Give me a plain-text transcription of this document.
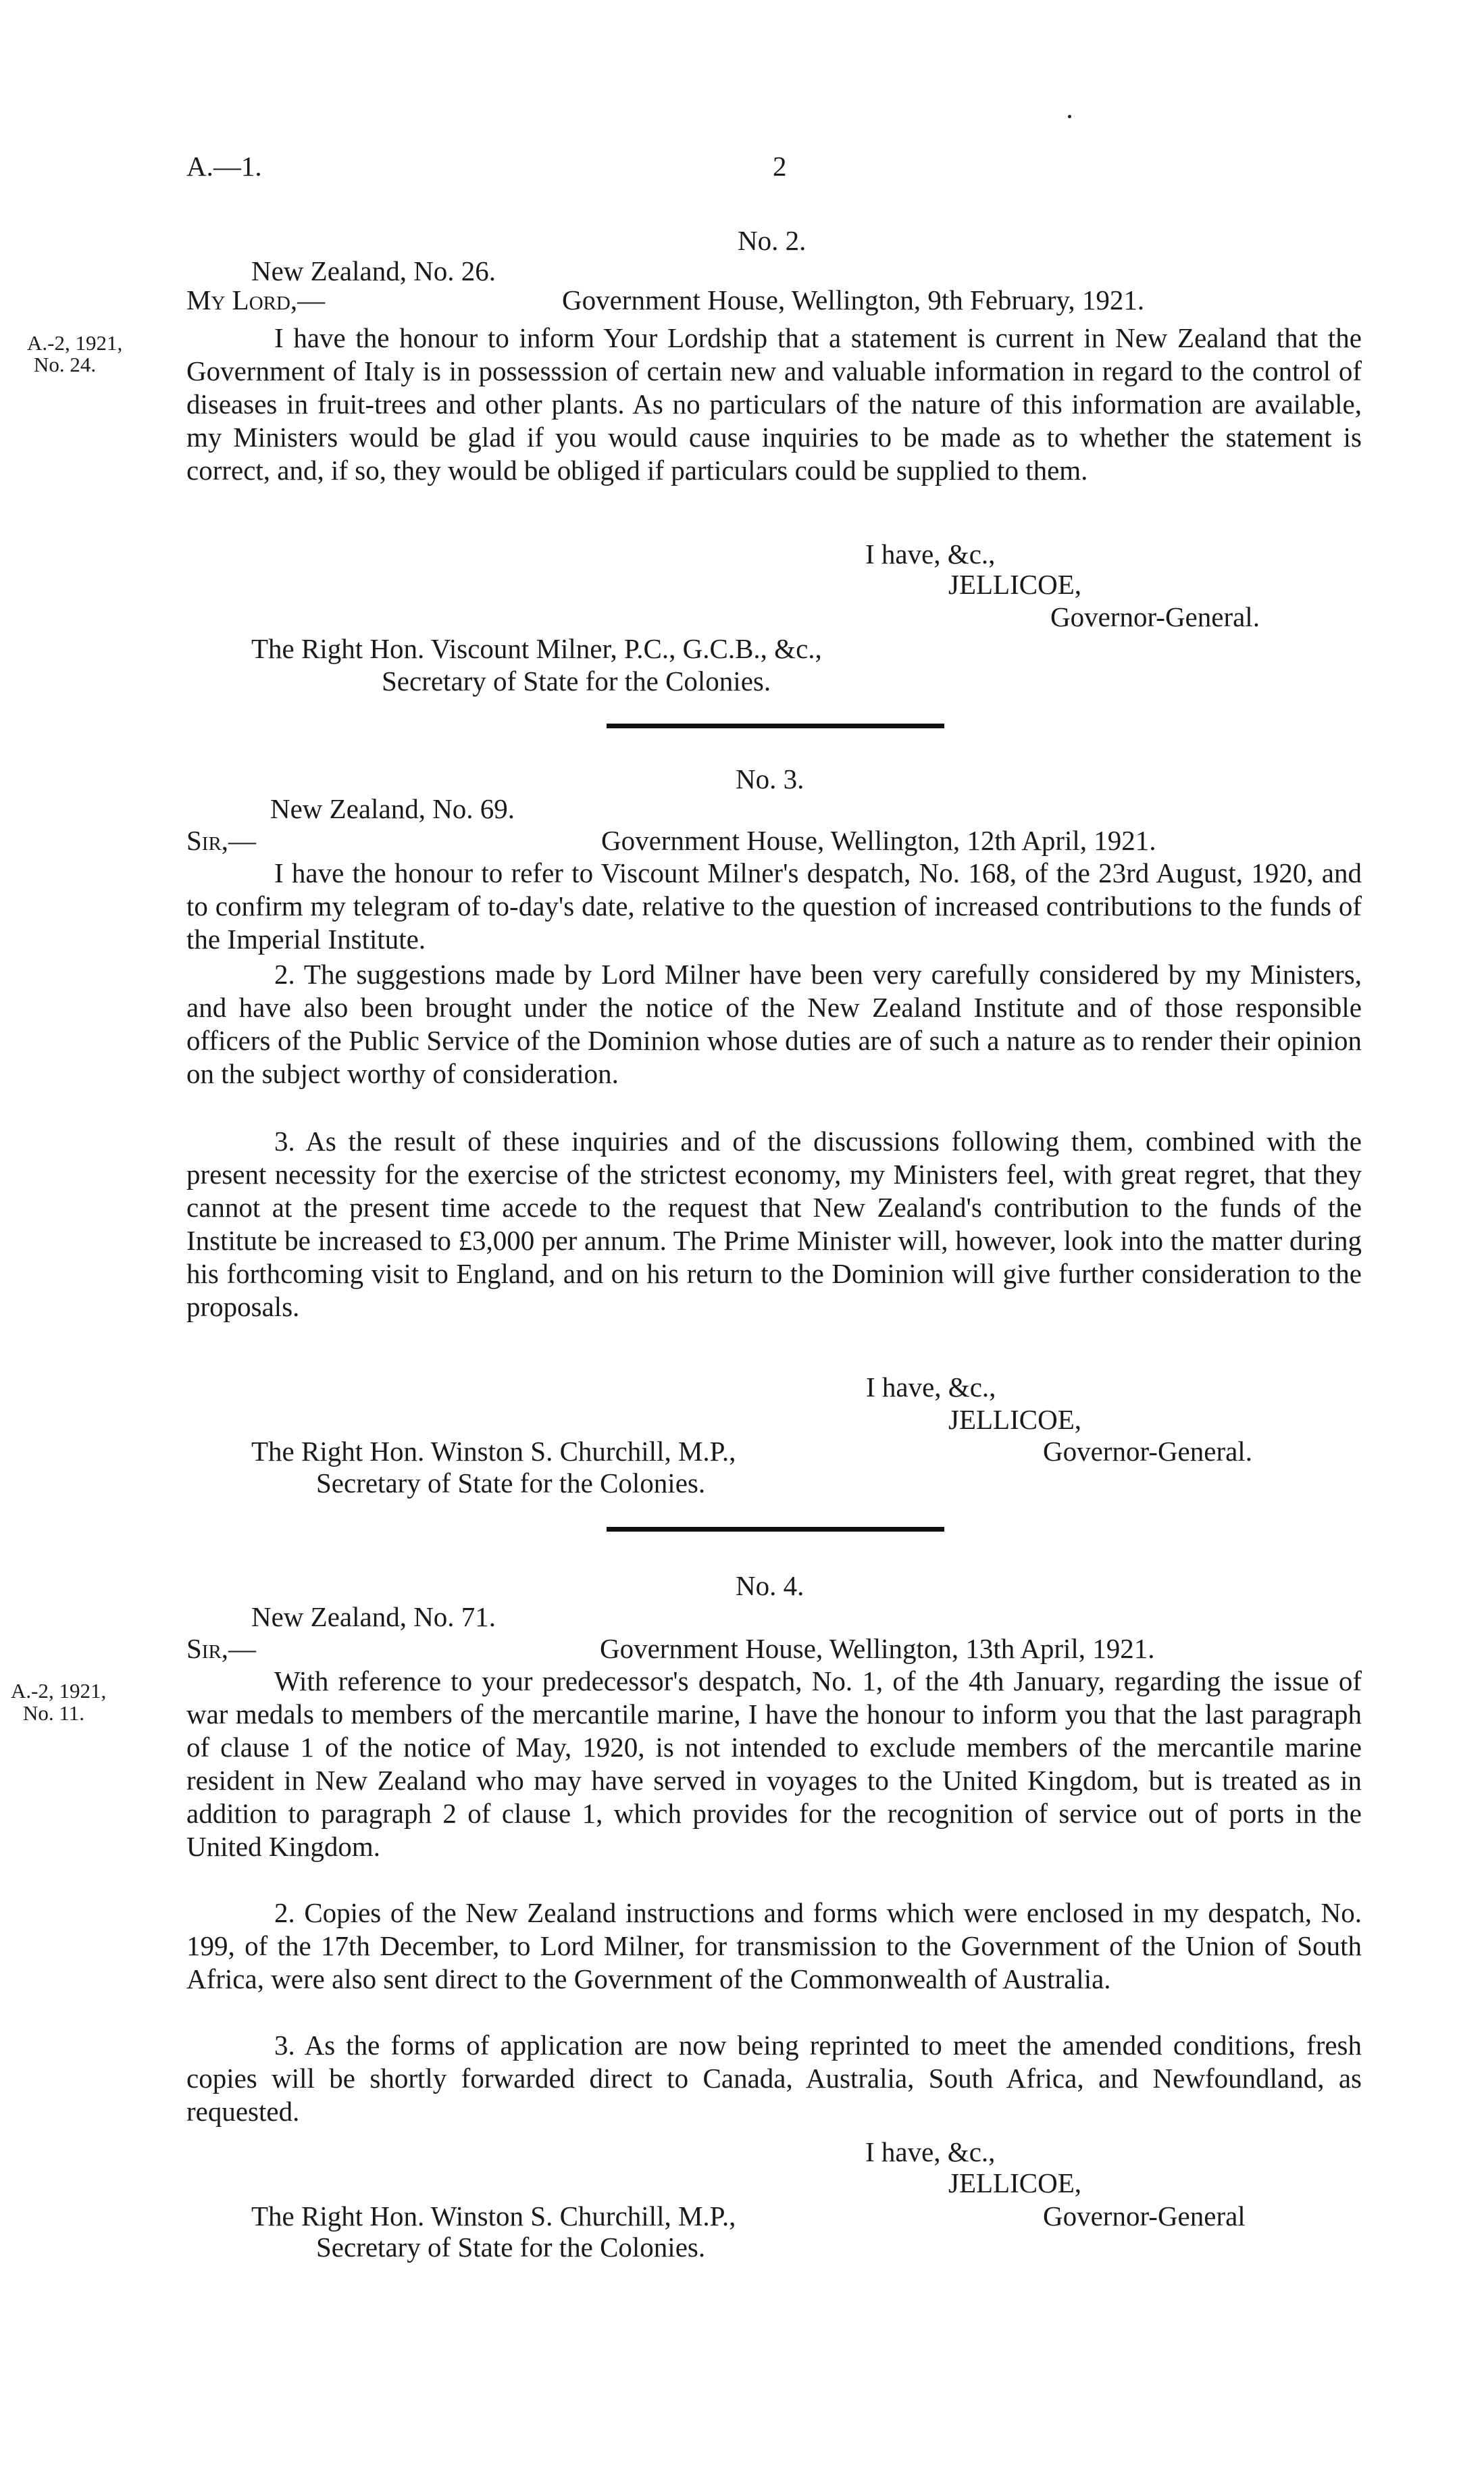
A.—1.	2
No. 2.
New Zealand, No. 26.
My Lord,—	Government House, Wellington, 9th February, 1921.
A.-2, 1921,
No. 24.

I have the honour to inform Your Lordship that a statement is current in New Zealand that the Government of Italy is in possesssion of certain new and valuable information in regard to the control of diseases in fruit-trees and other plants. As no particulars of the nature of this information are available, my Ministers would be glad if you would cause inquiries to be made as to whether the statement is correct, and, if so, they would be obliged if particulars could be supplied to them.

I have, &c.,
JELLICOE,
Governor-General.
The Right Hon. Viscount Milner, P.C., G.C.B., &c.,
Secretary of State for the Colonies.
No. 3.
New Zealand, No. 69.
Sir,—	Government House, Wellington, 12th April, 1921.

I have the honour to refer to Viscount Milner's despatch, No. 168, of the 23rd August, 1920, and to confirm my telegram of to-day's date, relative to the question of increased contributions to the funds of the Imperial Institute.

2. The suggestions made by Lord Milner have been very carefully considered by my Ministers, and have also been brought under the notice of the New Zealand Institute and of those responsible officers of the Public Service of the Dominion whose duties are of such a nature as to render their opinion on the subject worthy of consideration.

3. As the result of these inquiries and of the discussions following them, combined with the present necessity for the exercise of the strictest economy, my Ministers feel, with great regret, that they cannot at the present time accede to the request that New Zealand's contribution to the funds of the Institute be increased to £3,000 per annum. The Prime Minister will, however, look into the matter during his forthcoming visit to England, and on his return to the Dominion will give further consideration to the proposals.

I have, &c.,
JELLICOE,
The Right Hon. Winston S. Churchill, M.P.,	Governor-General.
Secretary of State for the Colonies.
No. 4.
New Zealand, No. 71.
Sir,—	Government House, Wellington, 13th April, 1921.
A.-2, 1921,
No. 11.

With reference to your predecessor's despatch, No. 1, of the 4th January, regarding the issue of war medals to members of the mercantile marine, I have the honour to inform you that the last paragraph of clause 1 of the notice of May, 1920, is not intended to exclude members of the mercantile marine resident in New Zealand who may have served in voyages to the United Kingdom, but is treated as in addition to paragraph 2 of clause 1, which provides for the recognition of service out of ports in the United Kingdom.

2. Copies of the New Zealand instructions and forms which were enclosed in my despatch, No. 199, of the 17th December, to Lord Milner, for transmission to the Government of the Union of South Africa, were also sent direct to the Government of the Commonwealth of Australia.

3. As the forms of application are now being reprinted to meet the amended conditions, fresh copies will be shortly forwarded direct to Canada, Australia, South Africa, and Newfoundland, as requested.

I have, &c.,
JELLICOE,
The Right Hon. Winston S. Churchill, M.P.,	Governor-General
Secretary of State for the Colonies.
